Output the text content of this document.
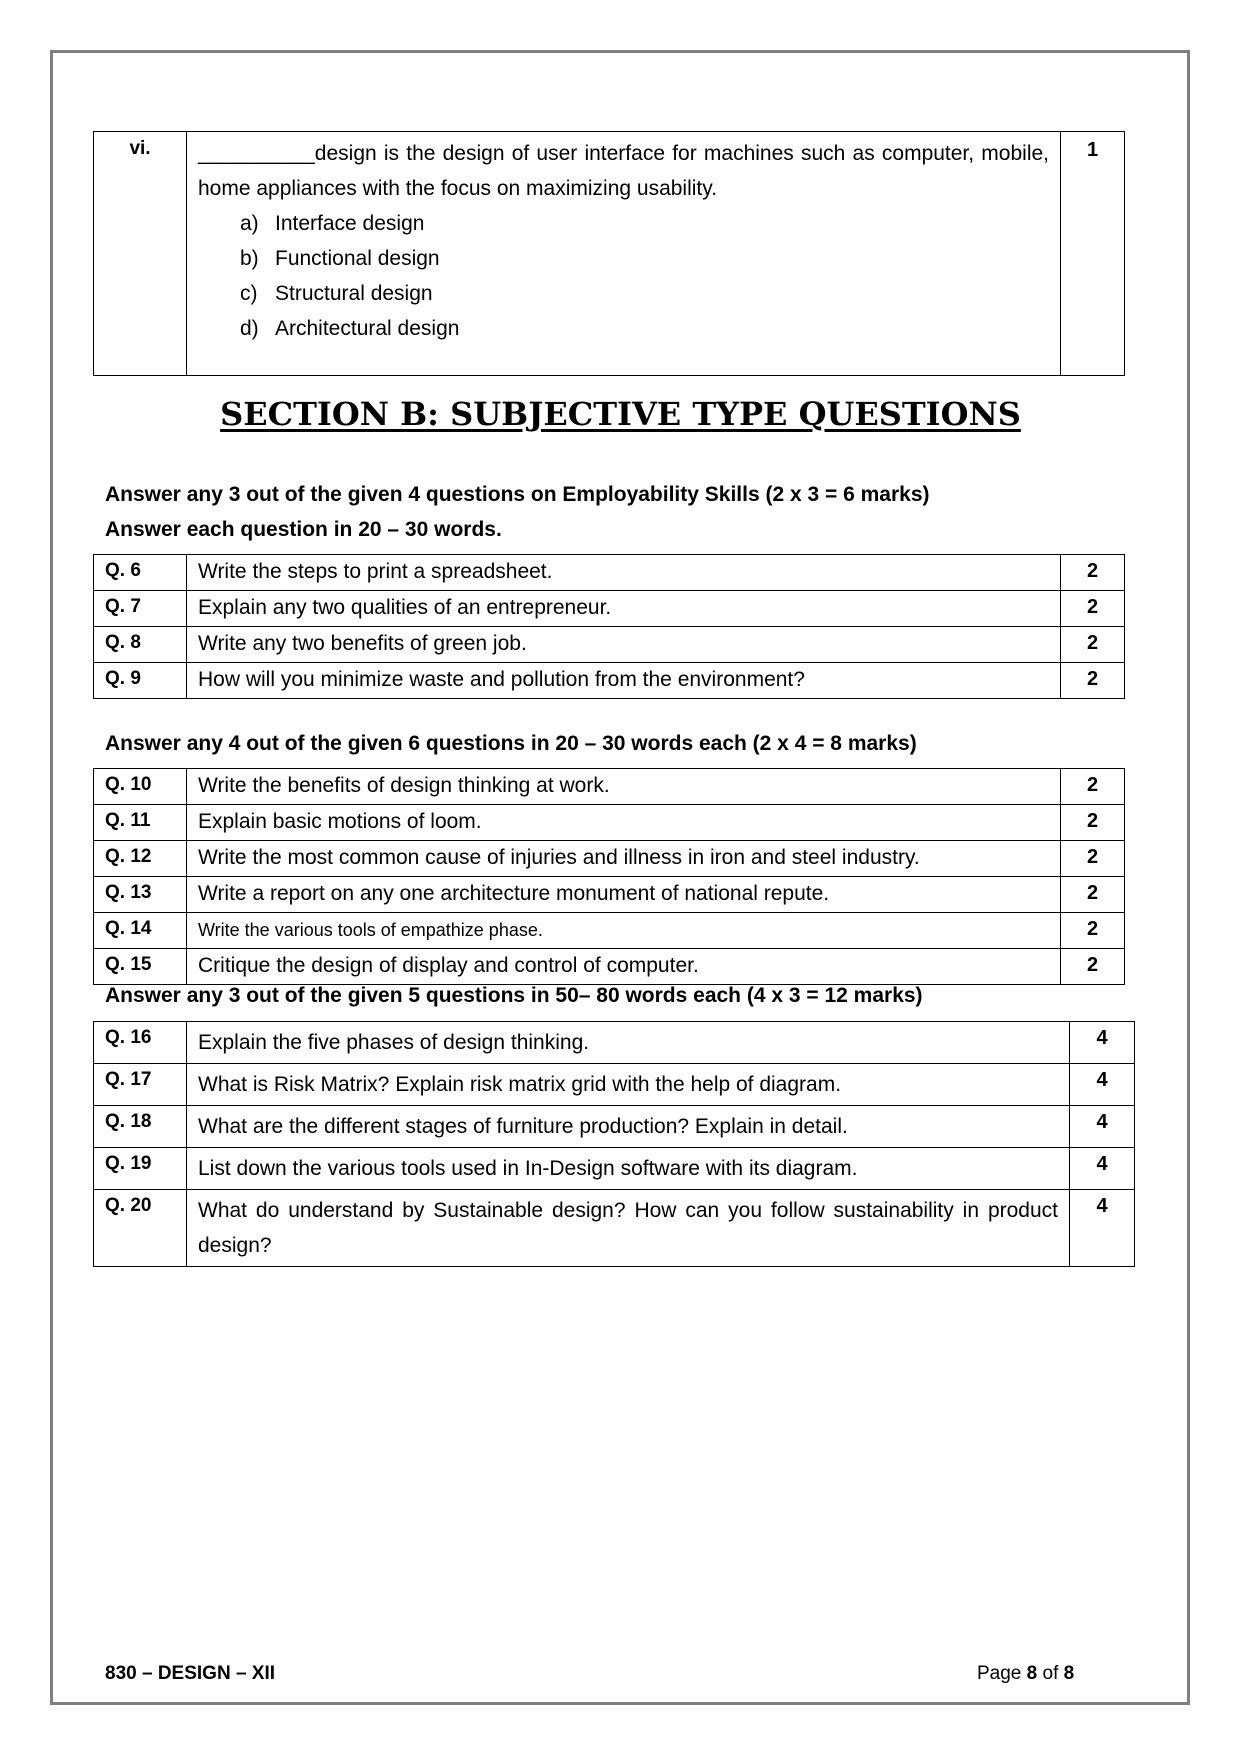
vi.	__________design is the design of user interface for machines such as computer, mobile, home appliances with the focus on maximizing usability.
a) Interface design
b) Functional design
c) Structural design
d) Architectural design
	1
SECTION B: SUBJECTIVE TYPE QUESTIONS
Answer any 3 out of the given 4 questions on Employability Skills (2 x 3 = 6 marks)
Answer each question in 20 – 30 words.
Q. 6	Write the steps to print a spreadsheet.	2
Q. 7	Explain any two qualities of an entrepreneur.	2
Q. 8	Write any two benefits of green job.	2
Q. 9	How will you minimize waste and pollution from the environment?	2
Answer any 4 out of the given 6 questions in 20 – 30 words each (2 x 4 = 8 marks)
Q. 10	Write the benefits of design thinking at work.	2
Q. 11	Explain basic motions of loom.	2
Q. 12	Write the most common cause of injuries and illness in iron and steel industry.	2
Q. 13	Write a report on any one architecture monument of national repute.	2
Q. 14	Write the various tools of empathize phase.	2
Q. 15	Critique the design of display and control of computer.	2
Answer any 3 out of the given 5 questions in 50– 80 words each (4 x 3 = 12 marks)
Q. 16	Explain the five phases of design thinking.	4
Q. 17	What is Risk Matrix? Explain risk matrix grid with the help of diagram.	4
Q. 18	What are the different stages of furniture production? Explain in detail.	4
Q. 19	List down the various tools used in In-Design software with its diagram.	4
Q. 20	What do understand by Sustainable design? How can you follow sustainability in product design?	4
830 – DESIGN – XII	Page 8 of 8
